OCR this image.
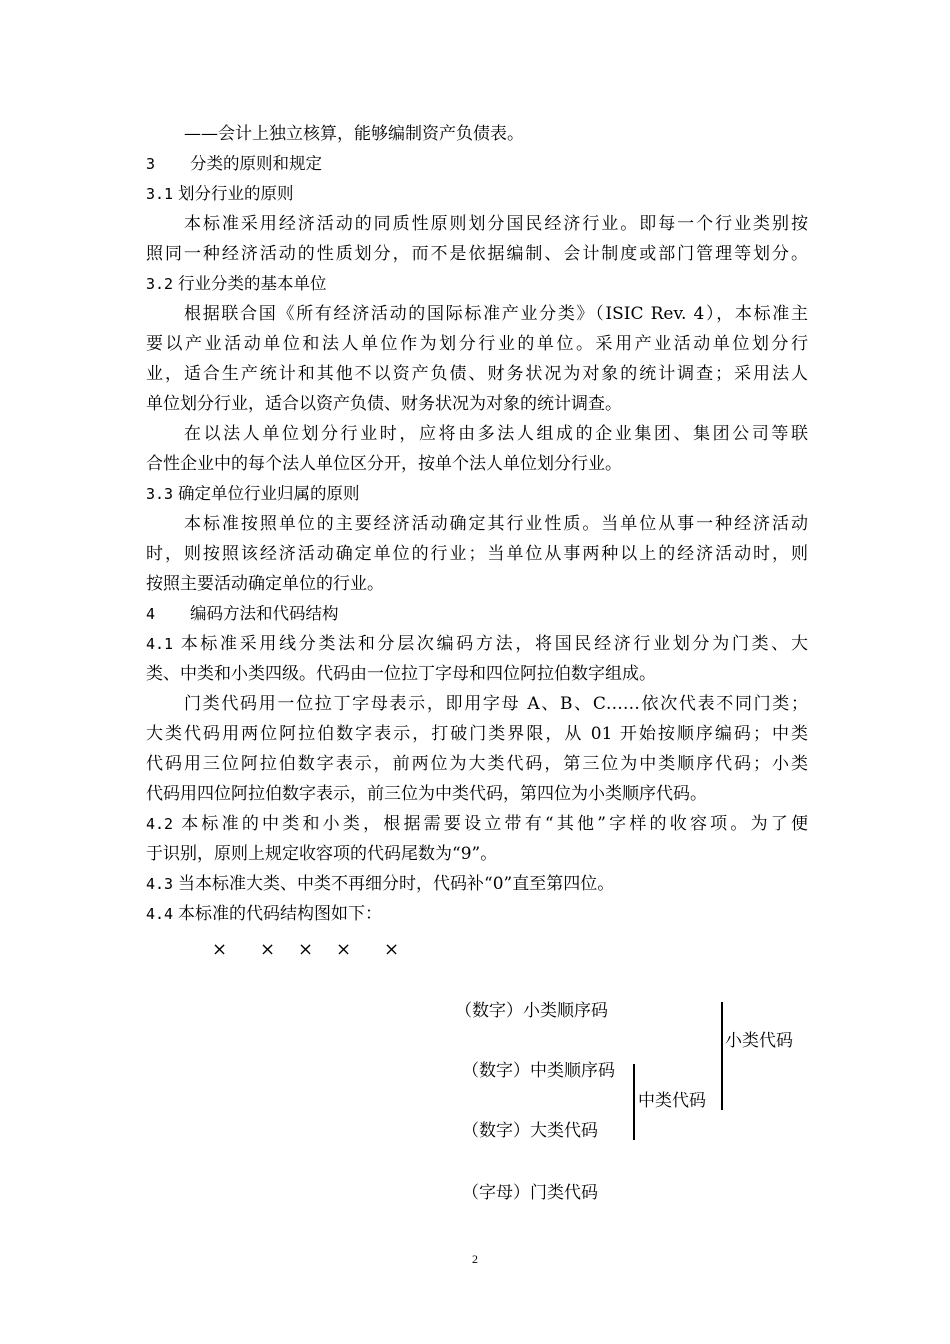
——会计上独立核算，能够编制资产负债表。
3 分类的原则和规定
3.1 划分行业的原则
本标准采用经济活动的同质性原则划分国民经济行业。即每一个行业类别按
照同一种经济活动的性质划分，而不是依据编制、会计制度或部门管理等划分。
3.2 行业分类的基本单位
根据联合国《所有经济活动的国际标准产业分类》（ISIC Rev. 4），本标准主
要以产业活动单位和法人单位作为划分行业的单位。采用产业活动单位划分行
业，适合生产统计和其他不以资产负债、财务状况为对象的统计调查；采用法人
单位划分行业，适合以资产负债、财务状况为对象的统计调查。
在以法人单位划分行业时，应将由多法人组成的企业集团、集团公司等联
合性企业中的每个法人单位区分开，按单个法人单位划分行业。
3.3 确定单位行业归属的原则
本标准按照单位的主要经济活动确定其行业性质。当单位从事一种经济活动
时，则按照该经济活动确定单位的行业；当单位从事两种以上的经济活动时，则
按照主要活动确定单位的行业。
4 编码方法和代码结构
4.1 本标准采用线分类法和分层次编码方法，将国民经济行业划分为门类、大
类、中类和小类四级。代码由一位拉丁字母和四位阿拉伯数字组成。
门类代码用一位拉丁字母表示，即用字母 A、B、C……依次代表不同门类；
大类代码用两位阿拉伯数字表示，打破门类界限，从 01 开始按顺序编码；中类
代码用三位阿拉伯数字表示，前两位为大类代码，第三位为中类顺序代码；小类
代码用四位阿拉伯数字表示，前三位为中类代码，第四位为小类顺序代码。
4.2 本标准的中类和小类，根据需要设立带有“其他”字样的收容项。为了便
于识别，原则上规定收容项的代码尾数为“9”。
4.3 当本标准大类、中类不再细分时，代码补“0”直至第四位。
4.4 本标准的代码结构图如下：
× × × × ×
（数字）小类顺序码
（数字）中类顺序码
（数字）大类代码
（字母）门类代码
中类代码
小类代码
2
